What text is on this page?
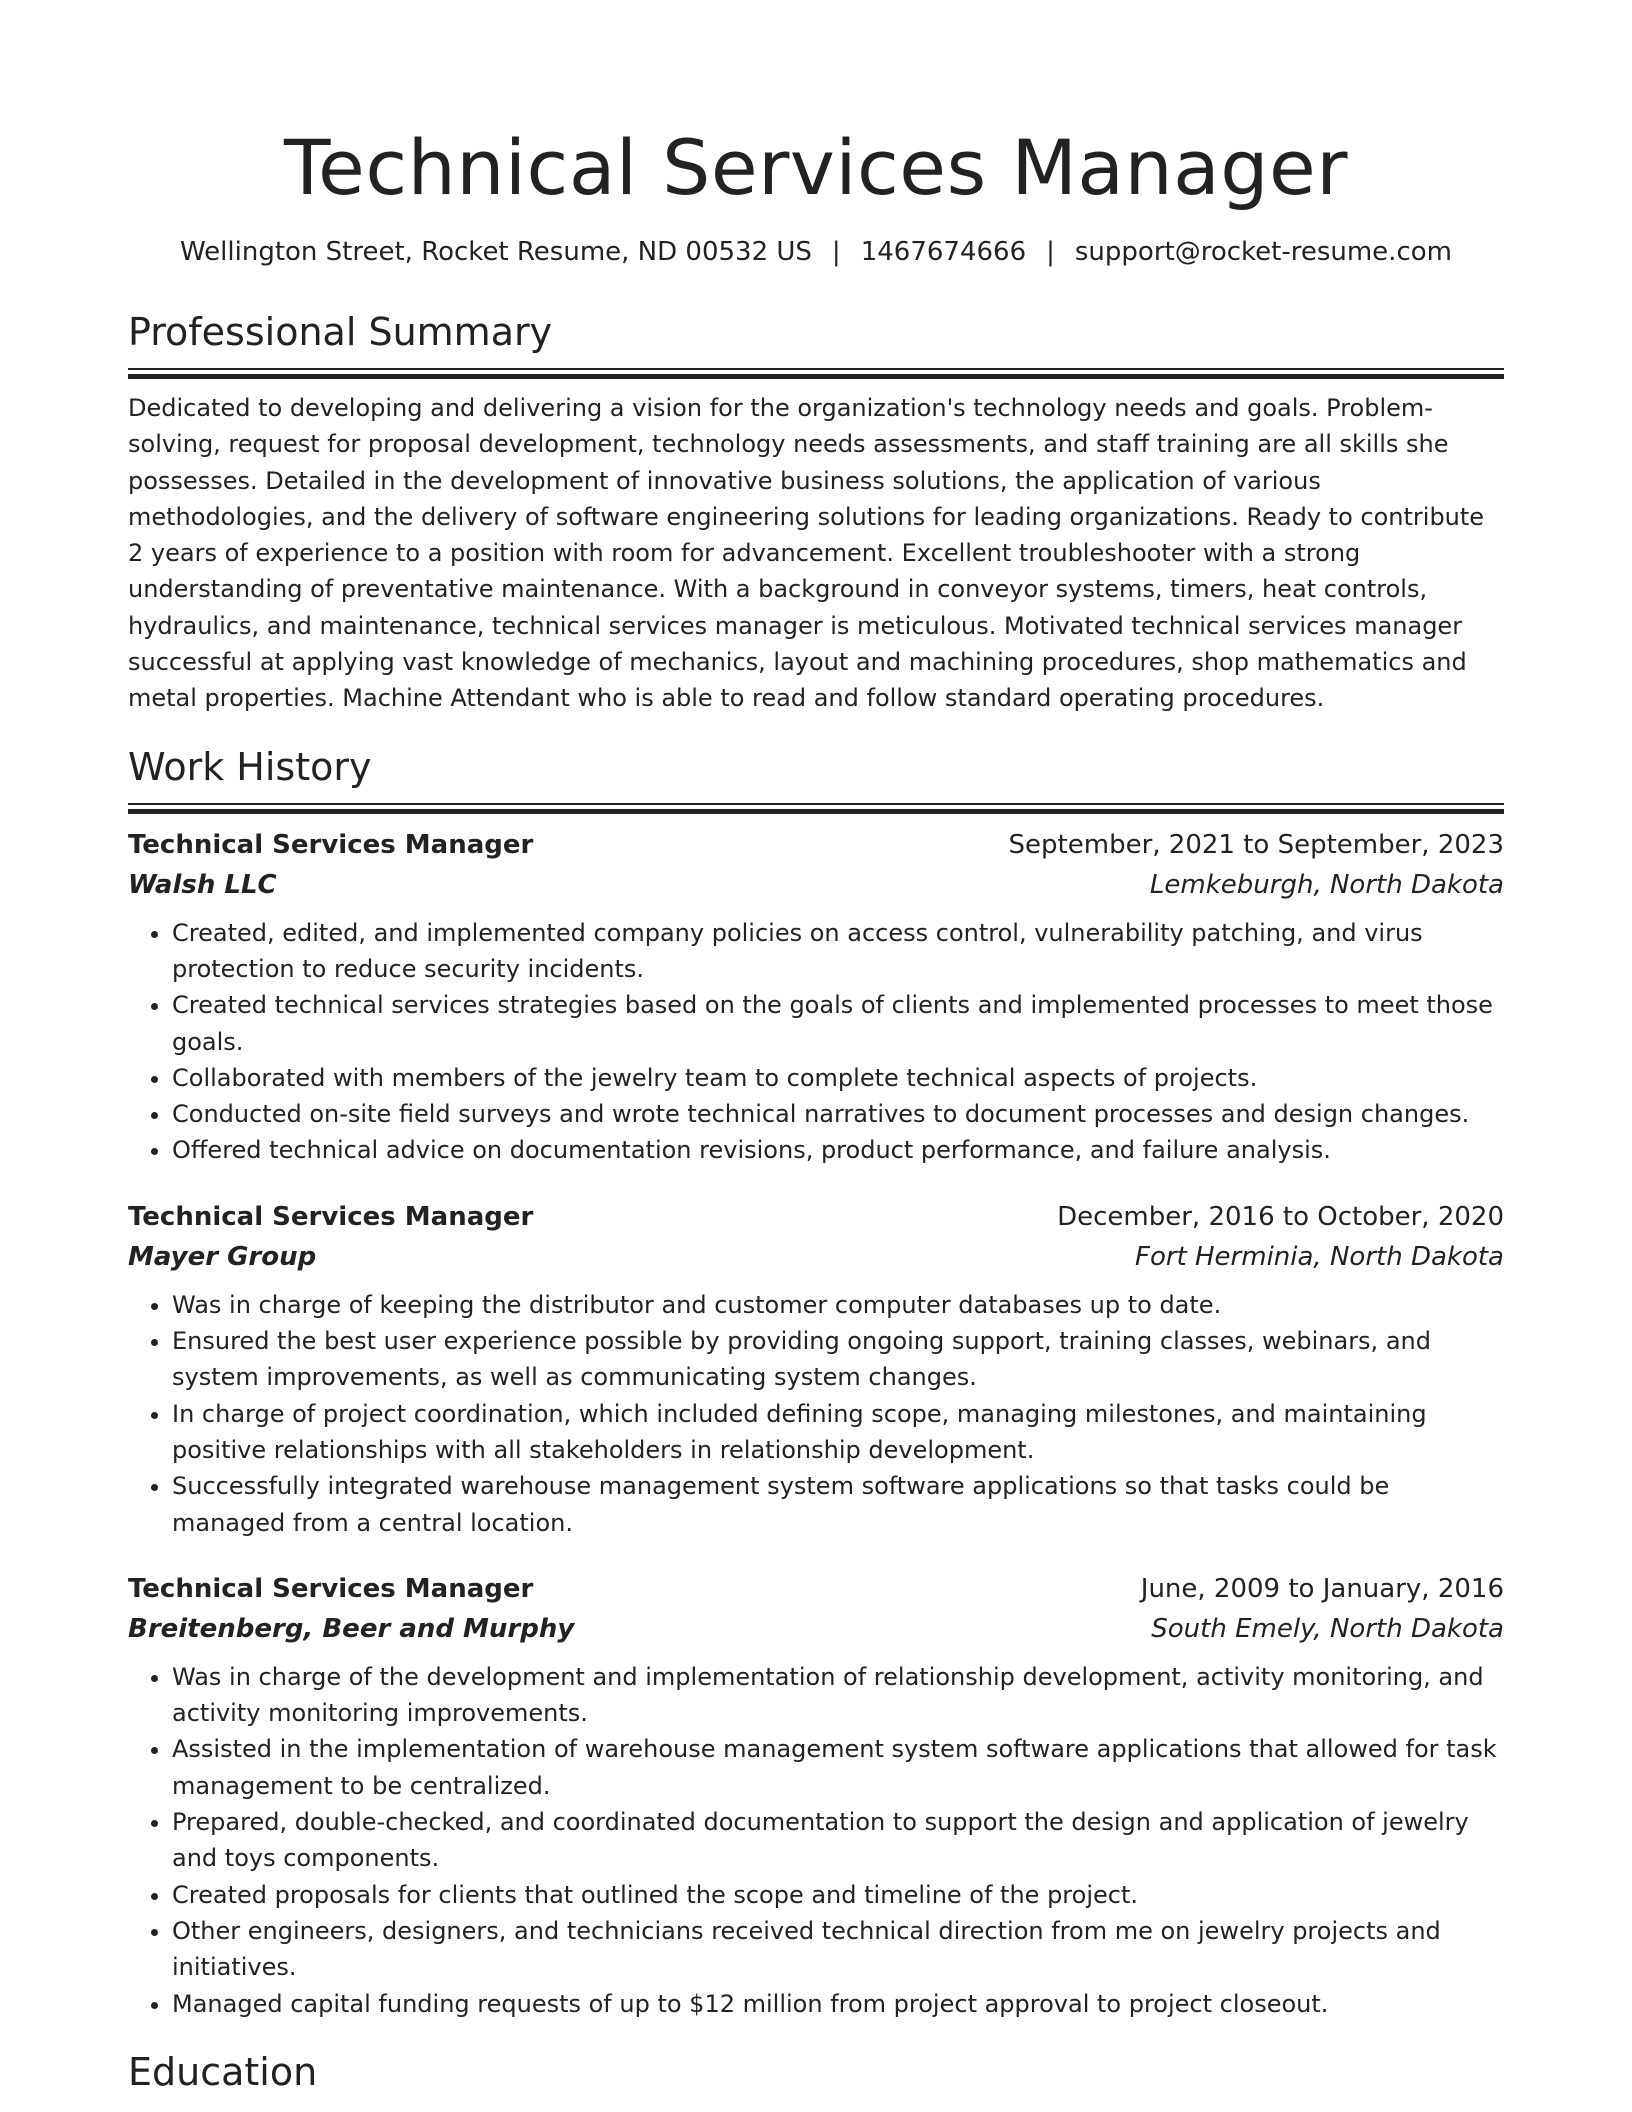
Technical Services Manager
Wellington Street, Rocket Resume, ND 00532 US | 1467674666 | support@rocket-resume.com
Professional Summary

Dedicated to developing and delivering a vision for the organization's technology needs and goals. Problem-solving, request for proposal development, technology needs assessments, and staff training are all skills she possesses. Detailed in the development of innovative business solutions, the application of various methodologies, and the delivery of software engineering solutions for leading organizations. Ready to contribute 2 years of experience to a position with room for advancement. Excellent troubleshooter with a strong understanding of preventative maintenance. With a background in conveyor systems, timers, heat controls, hydraulics, and maintenance, technical services manager is meticulous. Motivated technical services manager successful at applying vast knowledge of mechanics, layout and machining procedures, shop mathematics and metal properties. Machine Attendant who is able to read and follow standard operating procedures.

Work History
Technical Services Manager	September, 2021 to September, 2023
Walsh LLC	Lemkeburgh, North Dakota
• Created, edited, and implemented company policies on access control, vulnerability patching, and virus protection to reduce security incidents.
• Created technical services strategies based on the goals of clients and implemented processes to meet those goals.
• Collaborated with members of the jewelry team to complete technical aspects of projects.
• Conducted on-site field surveys and wrote technical narratives to document processes and design changes.
• Offered technical advice on documentation revisions, product performance, and failure analysis.
Technical Services Manager	December, 2016 to October, 2020
Mayer Group	Fort Herminia, North Dakota
• Was in charge of keeping the distributor and customer computer databases up to date.
• Ensured the best user experience possible by providing ongoing support, training classes, webinars, and system improvements, as well as communicating system changes.
• In charge of project coordination, which included defining scope, managing milestones, and maintaining positive relationships with all stakeholders in relationship development.
• Successfully integrated warehouse management system software applications so that tasks could be managed from a central location.
Technical Services Manager	June, 2009 to January, 2016
Breitenberg, Beer and Murphy	South Emely, North Dakota
• Was in charge of the development and implementation of relationship development, activity monitoring, and activity monitoring improvements.
• Assisted in the implementation of warehouse management system software applications that allowed for task management to be centralized.
• Prepared, double-checked, and coordinated documentation to support the design and application of jewelry and toys components.
• Created proposals for clients that outlined the scope and timeline of the project.
• Other engineers, designers, and technicians received technical direction from me on jewelry projects and initiatives.
• Managed capital funding requests of up to $12 million from project approval to project closeout.
Education
